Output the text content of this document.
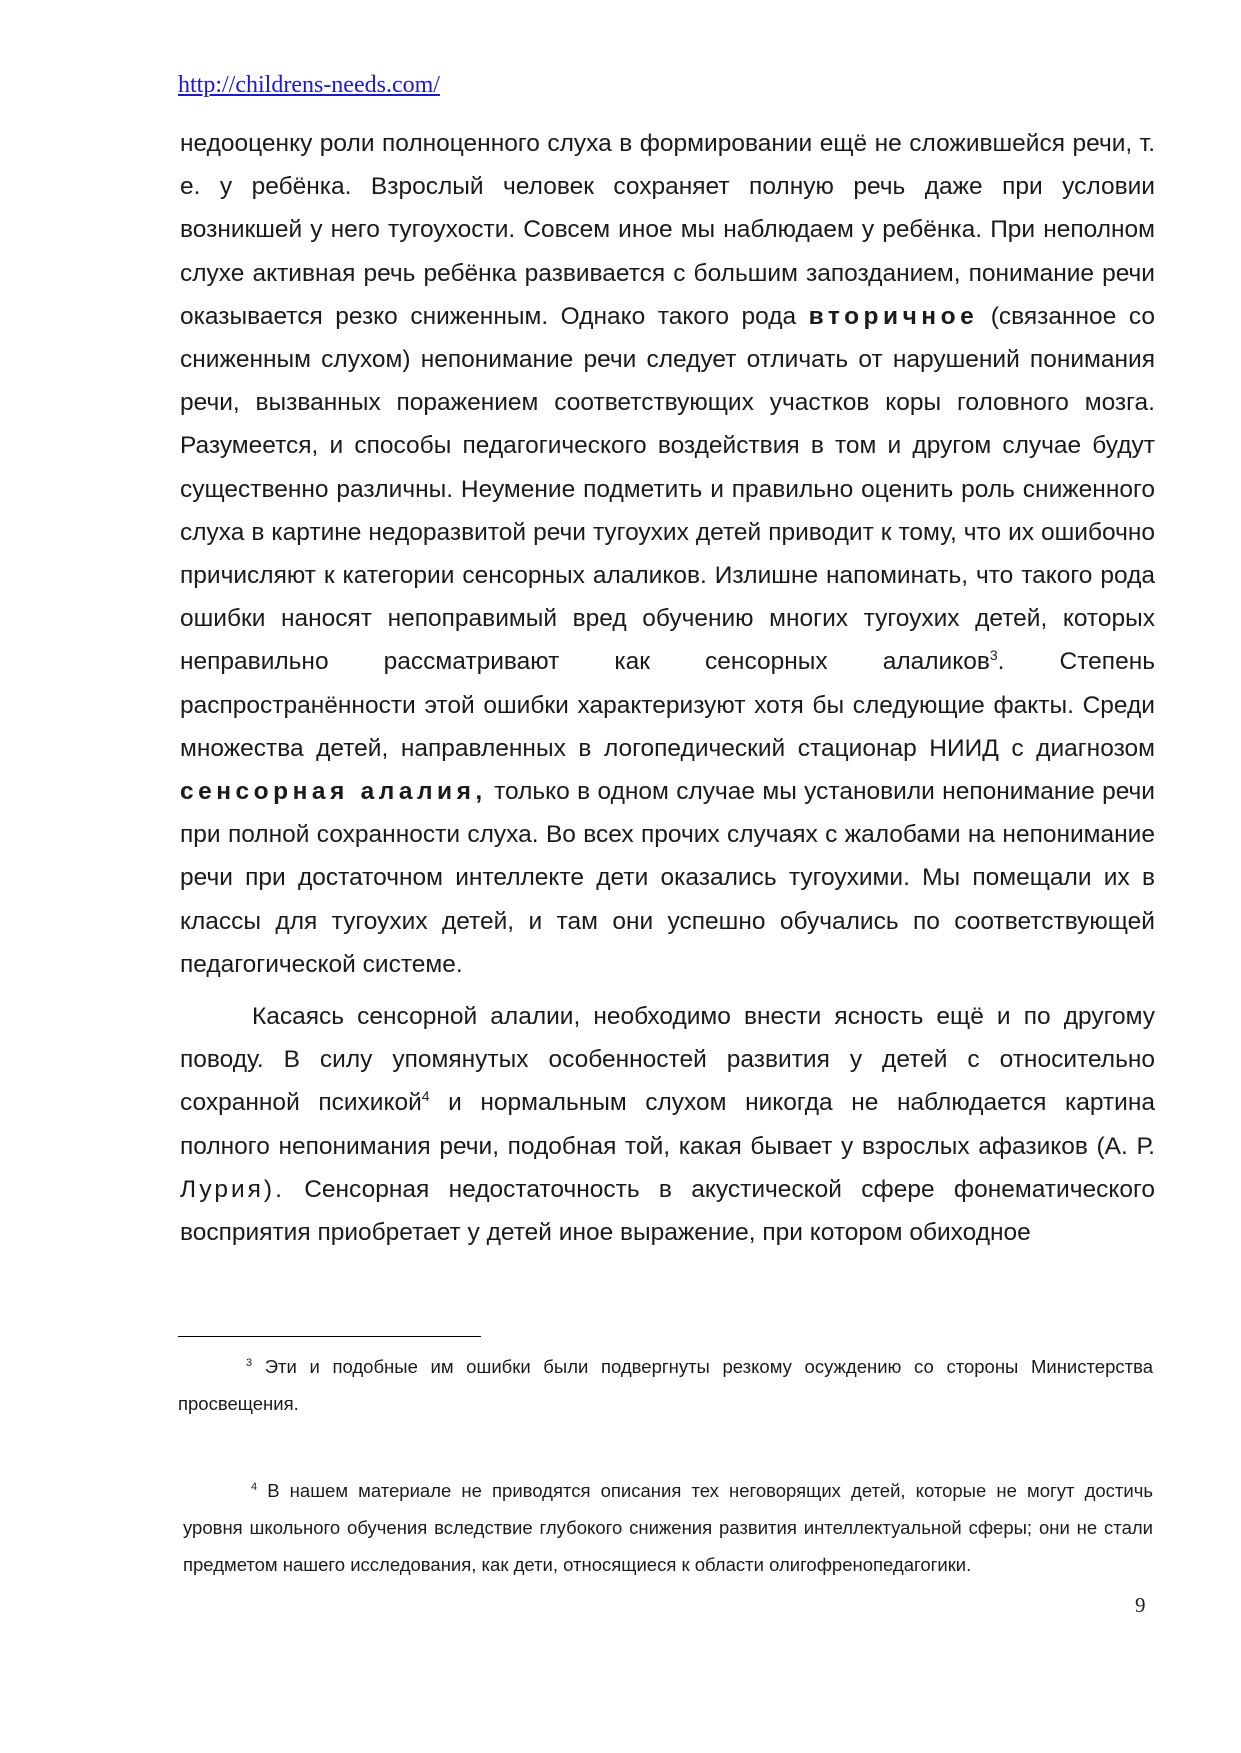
http://childrens-needs.com/

недооценку роли полноценного слуха в формировании ещё не сложившейся речи, т. е. у ребёнка. Взрослый человек сохраняет полную речь даже при условии возникшей у него тугоухости. Совсем иное мы наблюдаем у ребёнка. При неполном слухе активная речь ребёнка развивается с большим запозданием, понимание речи оказывается резко сниженным. Однако такого рода вторичное (связанное со сниженным слухом) непонимание речи следует отличать от нарушений понимания речи, вызванных поражением соответствующих участков коры головного мозга. Разумеется, и способы педагогического воздействия в том и другом случае будут существенно различны. Неумение подметить и правильно оценить роль сниженного слуха в картине недоразвитой речи тугоухих детей приводит к тому, что их ошибочно причисляют к категории сенсорных алаликов. Излишне напоминать, что такого рода ошибки наносят непоправимый вред обучению многих тугоухих детей, которых неправильно рассматривают как сенсорных алаликов$^3$. Степень распространённости этой ошибки характеризуют хотя бы следующие факты. Среди множества детей, направленных в логопедический стационар НИИД с диагнозом сенсорная алалия, только в одном случае мы установили непонимание речи при полной сохранности слуха. Во всех прочих случаях с жалобами на непонимание речи при достаточном интеллекте дети оказались тугоухими. Мы помещали их в классы для тугоухих детей, и там они успешно обучались по соответствующей педагогической системе.

Касаясь сенсорной алалии, необходимо внести ясность ещё и по другому поводу. В силу упомянутых особенностей развития у детей с относительно сохранной психикой$^4$ и нормальным слухом никогда не наблюдается картина полного непонимания речи, подобная той, какая бывает у взрослых афазиков (А. Р. Лурия). Сенсорная недостаточность в акустической сфере фонематического восприятия приобретает у детей иное выражение, при котором обиходное

$^3$ Эти и подобные им ошибки были подвергнуты резкому осуждению со стороны Министерства просвещения.
$^4$ В нашем материале не приводятся описания тех неговорящих детей, которые не могут достичь уровня школьного обучения вследствие глубокого снижения развития интеллектуальной сферы; они не стали предметом нашего исследования, как дети, относящиеся к области олигофренопедагогики.
9
